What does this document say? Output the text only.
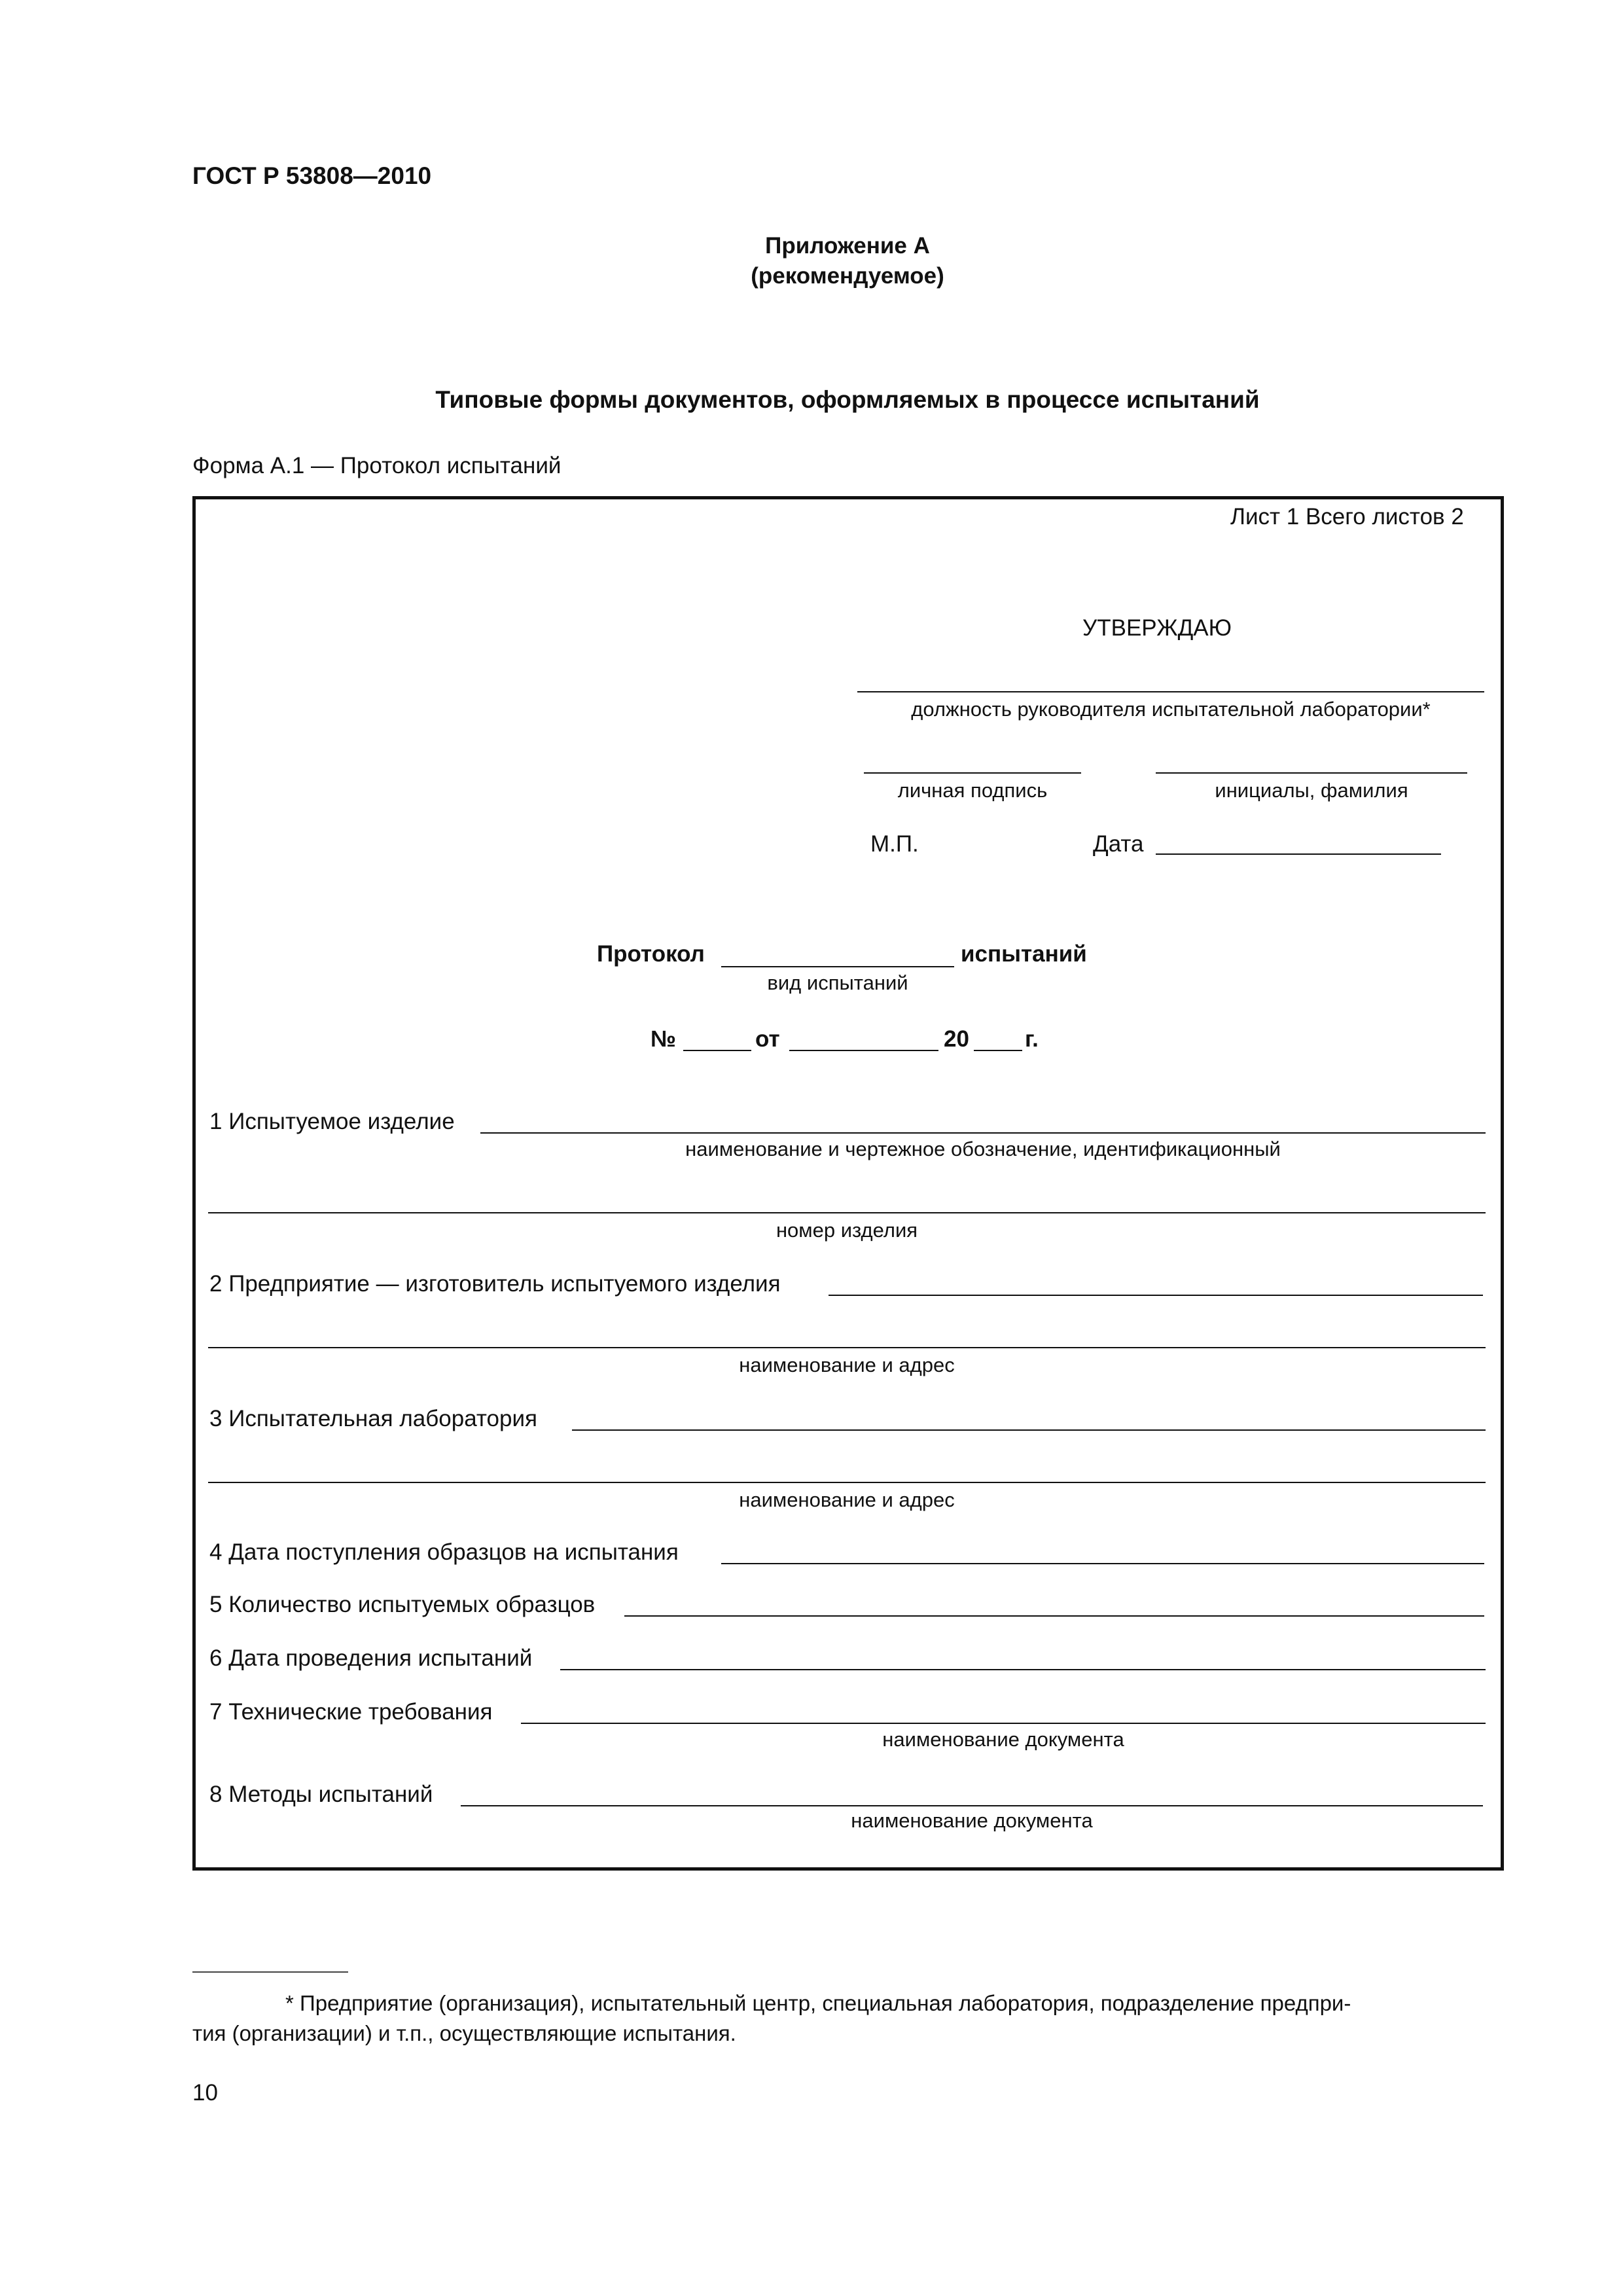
ГОСТ Р 53808—2010
Приложение А
(рекомендуемое)
Типовые формы документов, оформляемых в процессе испытаний
Форма А.1 — Протокол испытаний
Лист 1 Всего листов 2
УТВЕРЖДАЮ
должность руководителя испытательной лаборатории*
личная подпись	инициалы, фамилия
М.П.	Дата
Протокол	испытаний
вид испытаний
№	от	20 г.
1 Испытуемое изделие
наименование и чертежное обозначение, идентификационный
номер изделия
2 Предприятие — изготовитель испытуемого изделия
наименование и адрес
3 Испытательная лаборатория
наименование и адрес
4 Дата поступления образцов на испытания
5 Количество испытуемых образцов
6 Дата проведения испытаний
7 Технические требования
наименование документа
8 Методы испытаний
наименование документа
* Предприятие (организация), испытательный центр, специальная лаборатория, подразделение предпри-
тия (организации) и т.п., осуществляющие испытания.
10
